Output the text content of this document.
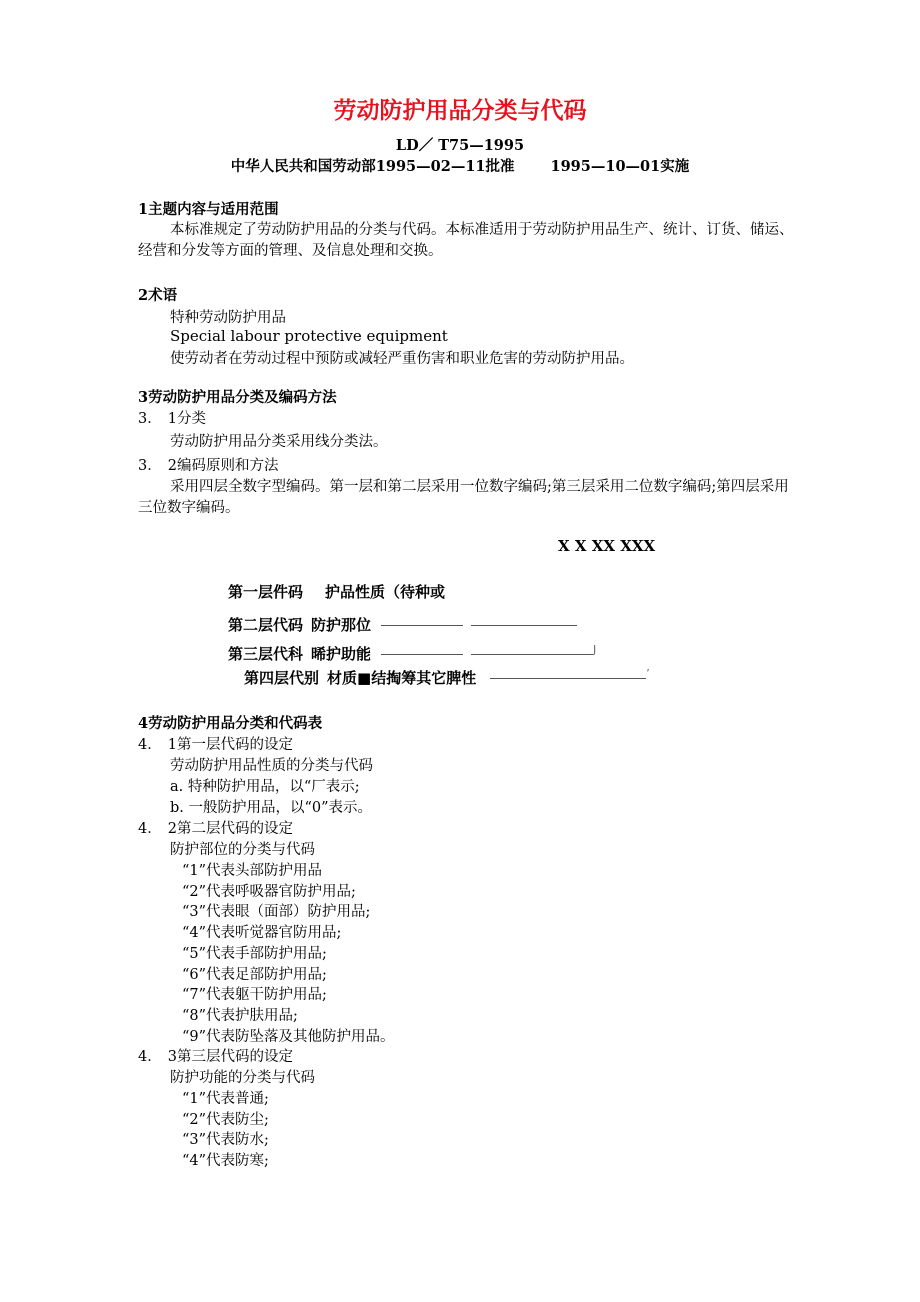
劳动防护用品分类与代码
LD／ T75—1995
中华人民共和国劳动部1995—02—11批准 1995—10—01实施
1主题内容与适用范围
本标准规定了劳动防护用品的分类与代码。本标准适用于劳动防护用品生产、统计、订货、储运、经营和分发等方面的管理、及信息处理和交换。
2术语
特种劳动防护用品
Special labour protective equipment
使劳动者在劳动过程中预防或减轻严重伤害和职业危害的劳动防护用品。
3劳动防护用品分类及编码方法
3． 1分类
劳动防护用品分类采用线分类法。
3． 2编码原则和方法
采用四层全数字型编码。第一层和第二层采用一位数字编码;第三层采用二位数字编码;第四层采用三位数字编码。
X X XX XXX
第一层件码 护品性质（待种或
第二层代码 防护那位
第三层代科 晞护助能	$^J$
第四层代别 材质■结掏筹其它脾性	’
4劳动防护用品分类和代码表
4． 1第一层代码的设定
劳动防护用品性质的分类与代码
a. 特种防护用品，以“厂表示;
b. 一般防护用品，以“0”表示。
4． 2第二层代码的设定
防护部位的分类与代码
“1”代表头部防护用品
“2”代表呼吸器官防护用品;
“3”代表眼（面部）防护用品;
“4”代表听觉器官防用品;
“5”代表手部防护用品;
“6”代表足部防护用品;
“7”代表躯干防护用品;
“8”代表护肤用品;
“9”代表防坠落及其他防护用品。
4． 3第三层代码的设定
防护功能的分类与代码
“1”代表普通;
“2”代表防尘;
“3”代表防水;
“4”代表防寒;
